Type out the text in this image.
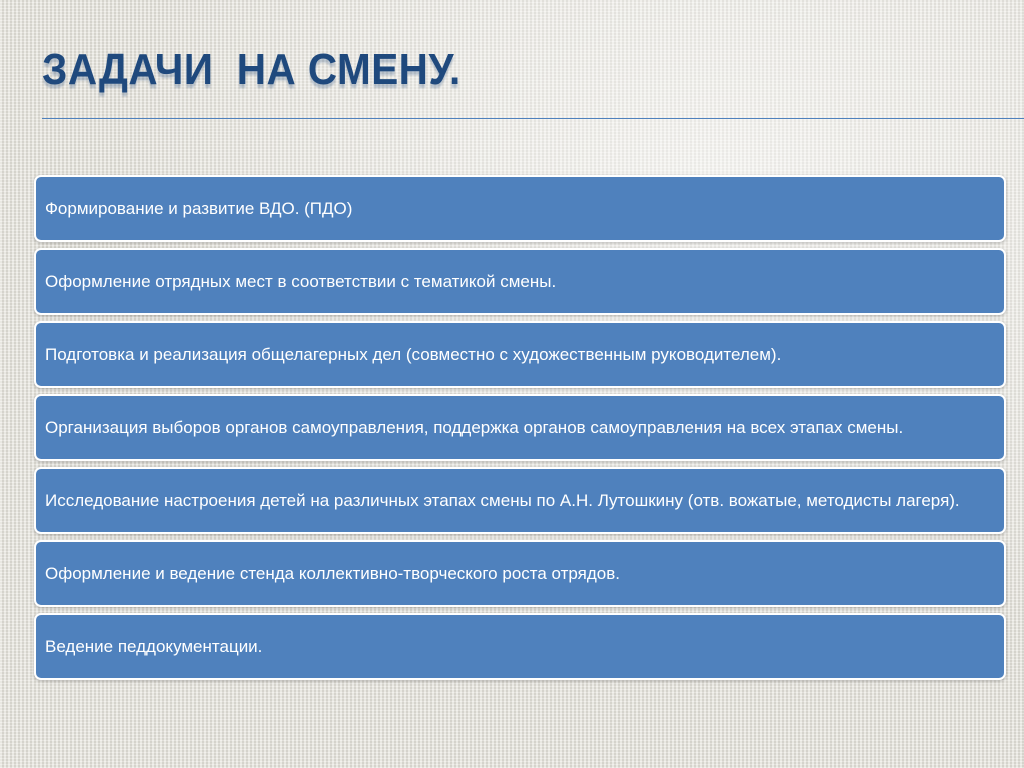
ЗАДАЧИ  НА СМЕНУ.
Формирование и развитие ВДО. (ПДО)
Оформление отрядных мест в соответствии с тематикой смены.
Подготовка и реализация общелагерных дел (совместно с художественным руководителем).
Организация выборов органов самоуправления, поддержка органов самоуправления на всех этапах смены.
Исследование настроения детей на различных этапах смены по А.Н. Лутошкину (отв. вожатые, методисты лагеря).
Оформление и ведение стенда коллективно-творческого роста отрядов.
Ведение педдокументации.
